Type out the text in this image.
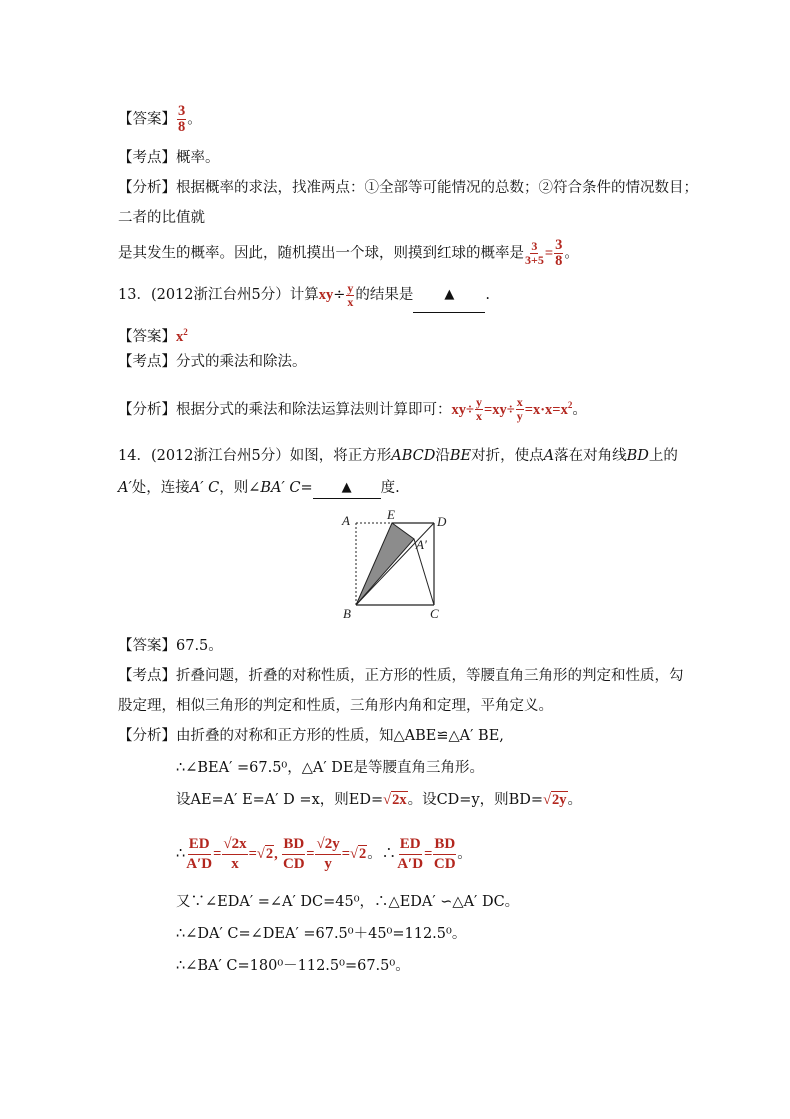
【答案】 $\frac{3}{8}$ 。
【考点】概率。
【分析】根据概率的求法，找准两点：①全部等可能情况的总数；②符合条件的情况数目；
二者的比值就
是其发生的概率。因此，随机摸出一个球，则摸到红球的概率是 $\frac{3}{3+5} = \frac{3}{8}$ 。
13．(2012浙江台州5分）计算$xy\div \frac{y}{x}$ 的结果是 ▲ .
【答案】$x^2$
【考点】分式的乘法和除法。
【分析】根据分式的乘法和除法运算法则计算即可：$xy\div \frac{y}{x} =xy\div \frac{x}{y} =x\cdot x=x^2$。
14．(2012浙江台州5分）如图，将正方形ABCD沿BE对折，使点A落在对角线BD上的
A′处，连接A′ C，则∠BA′ C= ▲ 度.
A	E	D
A′
B	C
【答案】67.5。
【考点】折叠问题，折叠的对称性质，正方形的性质，等腰直角三角形的判定和性质，勾
股定理，相似三角形的判定和性质，三角形内角和定理，平角定义。
【分析】由折叠的对称和正方形的性质，知△ABE≌△A′ BE,
∴∠BEA′ =67.5⁰，△A′ DE是等腰直角三角形。
设AE=A′ E=A′ D =x，则ED=√2x。设CD=y，则BD=√2y。
∴ $\frac{ED}{A'D} = \frac{√2x}{x} =√2$, $\frac{BD}{CD} = \frac{√2y}{y} =√2$。∴ $\frac{ED}{A'D} = \frac{BD}{CD}$ 。
又∵∠EDA′ =∠A′ DC=45⁰，∴△EDA′ ∽△A′ DC。
∴∠DA′ C=∠DEA′ =67.5⁰＋45⁰=112.5⁰。
∴∠BA′ C=180⁰－112.5⁰=67.5⁰。
